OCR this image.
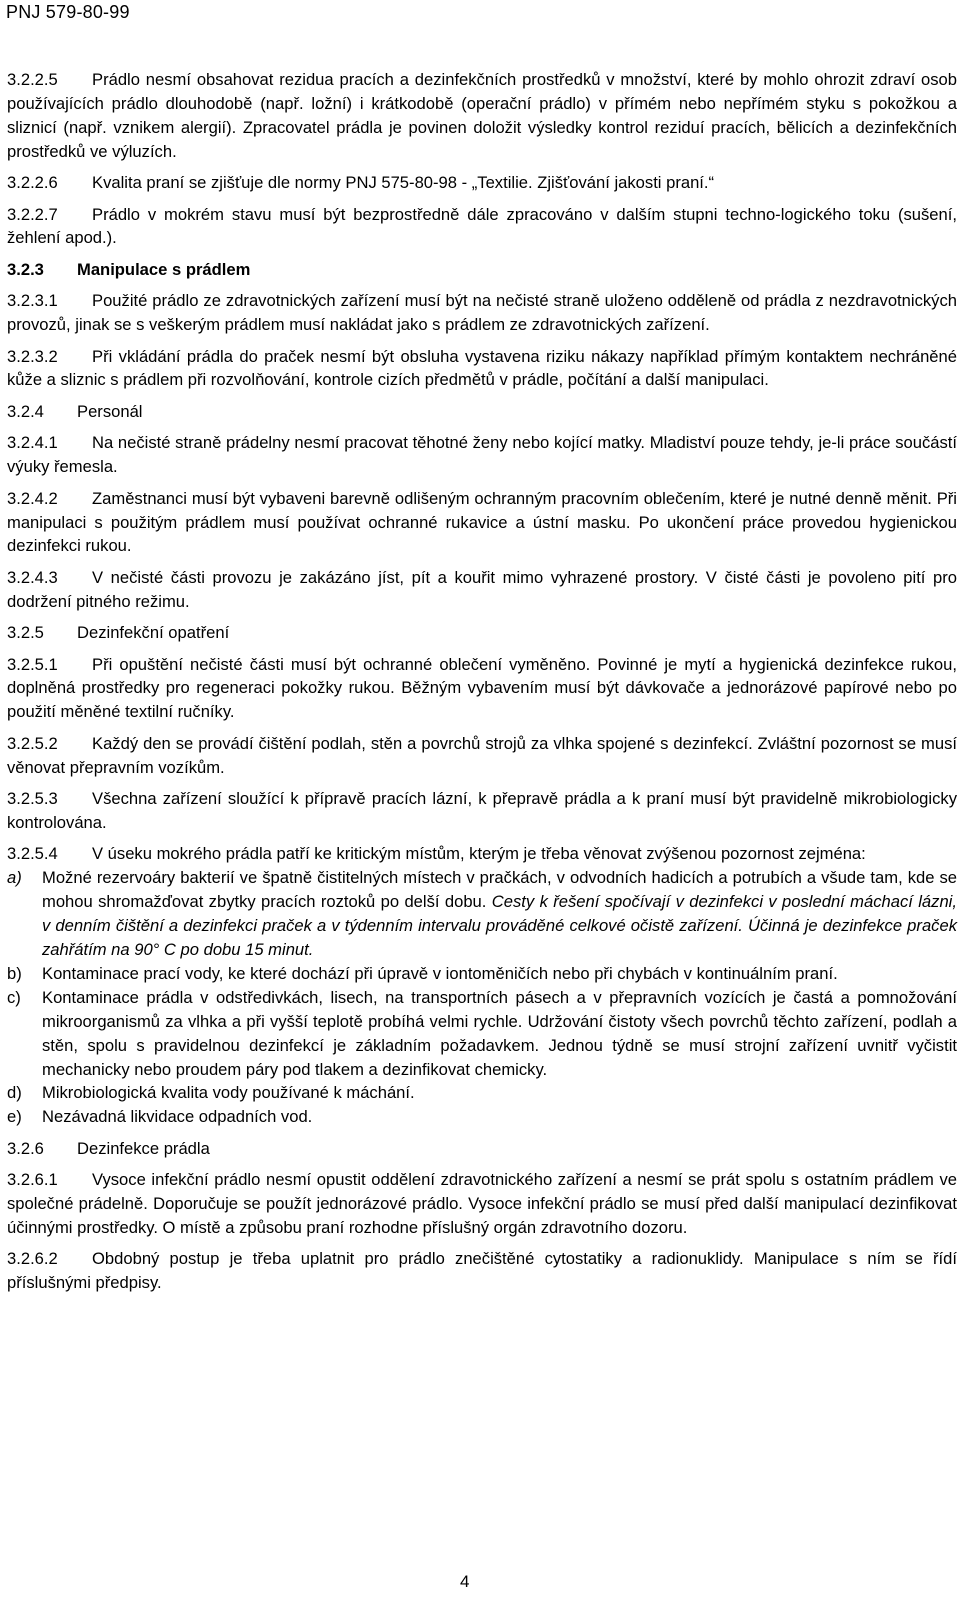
PNJ 579-80-99
3.2.2.5 Prádlo nesmí obsahovat rezidua pracích a dezinfekčních prostředků v množství, které by mohlo ohrozit zdraví osob používajících prádlo dlouhodobě (např. ložní) i krátkodobě (operační prádlo) v přímém nebo nepřímém styku s pokožkou a sliznicí (např. vznikem alergií). Zpracovatel prádla je povinen doložit výsledky kontrol reziduí pracích, bělicích a dezinfekčních prostředků ve výluzích.
3.2.2.6 Kvalita praní se zjišťuje dle normy PNJ 575-80-98 - „Textilie. Zjišťování jakosti praní.“
3.2.2.7 Prádlo v mokrém stavu musí být bezprostředně dále zpracováno v dalším stupni techno-logického toku (sušení, žehlení apod.).
3.2.3 Manipulace s prádlem
3.2.3.1 Použité prádlo ze zdravotnických zařízení musí být na nečisté straně uloženo odděleně od prádla z nezdravotnických provozů, jinak se s veškerým prádlem musí nakládat jako s prádlem ze zdravotnických zařízení.
3.2.3.2 Při vkládání prádla do praček nesmí být obsluha vystavena riziku nákazy například přímým kontaktem nechráněné kůže a sliznic s prádlem při rozvolňování, kontrole cizích předmětů v prádle, počítání a další manipulaci.
3.2.4 Personál
3.2.4.1 Na nečisté straně prádelny nesmí pracovat těhotné ženy nebo kojící matky. Mladiství pouze tehdy, je-li práce součástí výuky řemesla.
3.2.4.2 Zaměstnanci musí být vybaveni barevně odlišeným ochranným pracovním oblečením, které je nutné denně měnit. Při manipulaci s použitým prádlem musí používat ochranné rukavice a ústní masku. Po ukončení práce provedou hygienickou dezinfekci rukou.
3.2.4.3 V nečisté části provozu je zakázáno jíst, pít a kouřit mimo vyhrazené prostory. V čisté části je povoleno pití pro dodržení pitného režimu.
3.2.5 Dezinfekční opatření
3.2.5.1 Při opuštění nečisté části musí být ochranné oblečení vyměněno. Povinné je mytí a hygienická dezinfekce rukou, doplněná prostředky pro regeneraci pokožky rukou. Běžným vybavením musí být dávkovače a jednorázové papírové nebo po použití měněné textilní ručníky.
3.2.5.2 Každý den se provádí čištění podlah, stěn a povrchů strojů za vlhka spojené s dezinfekcí. Zvláštní pozornost se musí věnovat přepravním vozíkům.
3.2.5.3 Všechna zařízení sloužící k přípravě pracích lázní, k přepravě prádla a k praní musí být pravidelně mikrobiologicky kontrolována.
3.2.5.4 V úseku mokrého prádla patří ke kritickým místům, kterým je třeba věnovat zvýšenou pozornost zejména:
a) Možné rezervoáry bakterií ve špatně čistitelných místech v pračkách, v odvodních hadicích a potrubích a všude tam, kde se mohou shromažďovat zbytky pracích roztoků po delší dobu. Cesty k řešení spočívají v dezinfekci v poslední máchací lázni, v denním čištění a dezinfekci praček a v týdenním intervalu prováděné celkové očistě zařízení. Účinná je dezinfekce praček zahřátím na 90° C po dobu 15 minut.
b) Kontaminace prací vody, ke které dochází při úpravě v iontoměničích nebo při chybách v kontinuálním praní.
c) Kontaminace prádla v odstředivkách, lisech, na transportních pásech a v přepravních vozících je častá a pomnožování mikroorganismů za vlhka a při vyšší teplotě probíhá velmi rychle. Udržování čistoty všech povrchů těchto zařízení, podlah a stěn, spolu s pravidelnou dezinfekcí je základním požadavkem. Jednou týdně se musí strojní zařízení uvnitř vyčistit mechanicky nebo proudem páry pod tlakem a dezinfikovat chemicky.
d) Mikrobiologická kvalita vody používané k máchání.
e) Nezávadná likvidace odpadních vod.
3.2.6 Dezinfekce prádla
3.2.6.1 Vysoce infekční prádlo nesmí opustit oddělení zdravotnického zařízení a nesmí se prát spolu s ostatním prádlem ve společné prádelně. Doporučuje se použít jednorázové prádlo. Vysoce infekční prádlo se musí před další manipulací dezinfikovat účinnými prostředky. O místě a způsobu praní rozhodne příslušný orgán zdravotního dozoru.
3.2.6.2 Obdobný postup je třeba uplatnit pro prádlo znečištěné cytostatiky a radionuklidy. Manipulace s ním se řídí příslušnými předpisy.
4
